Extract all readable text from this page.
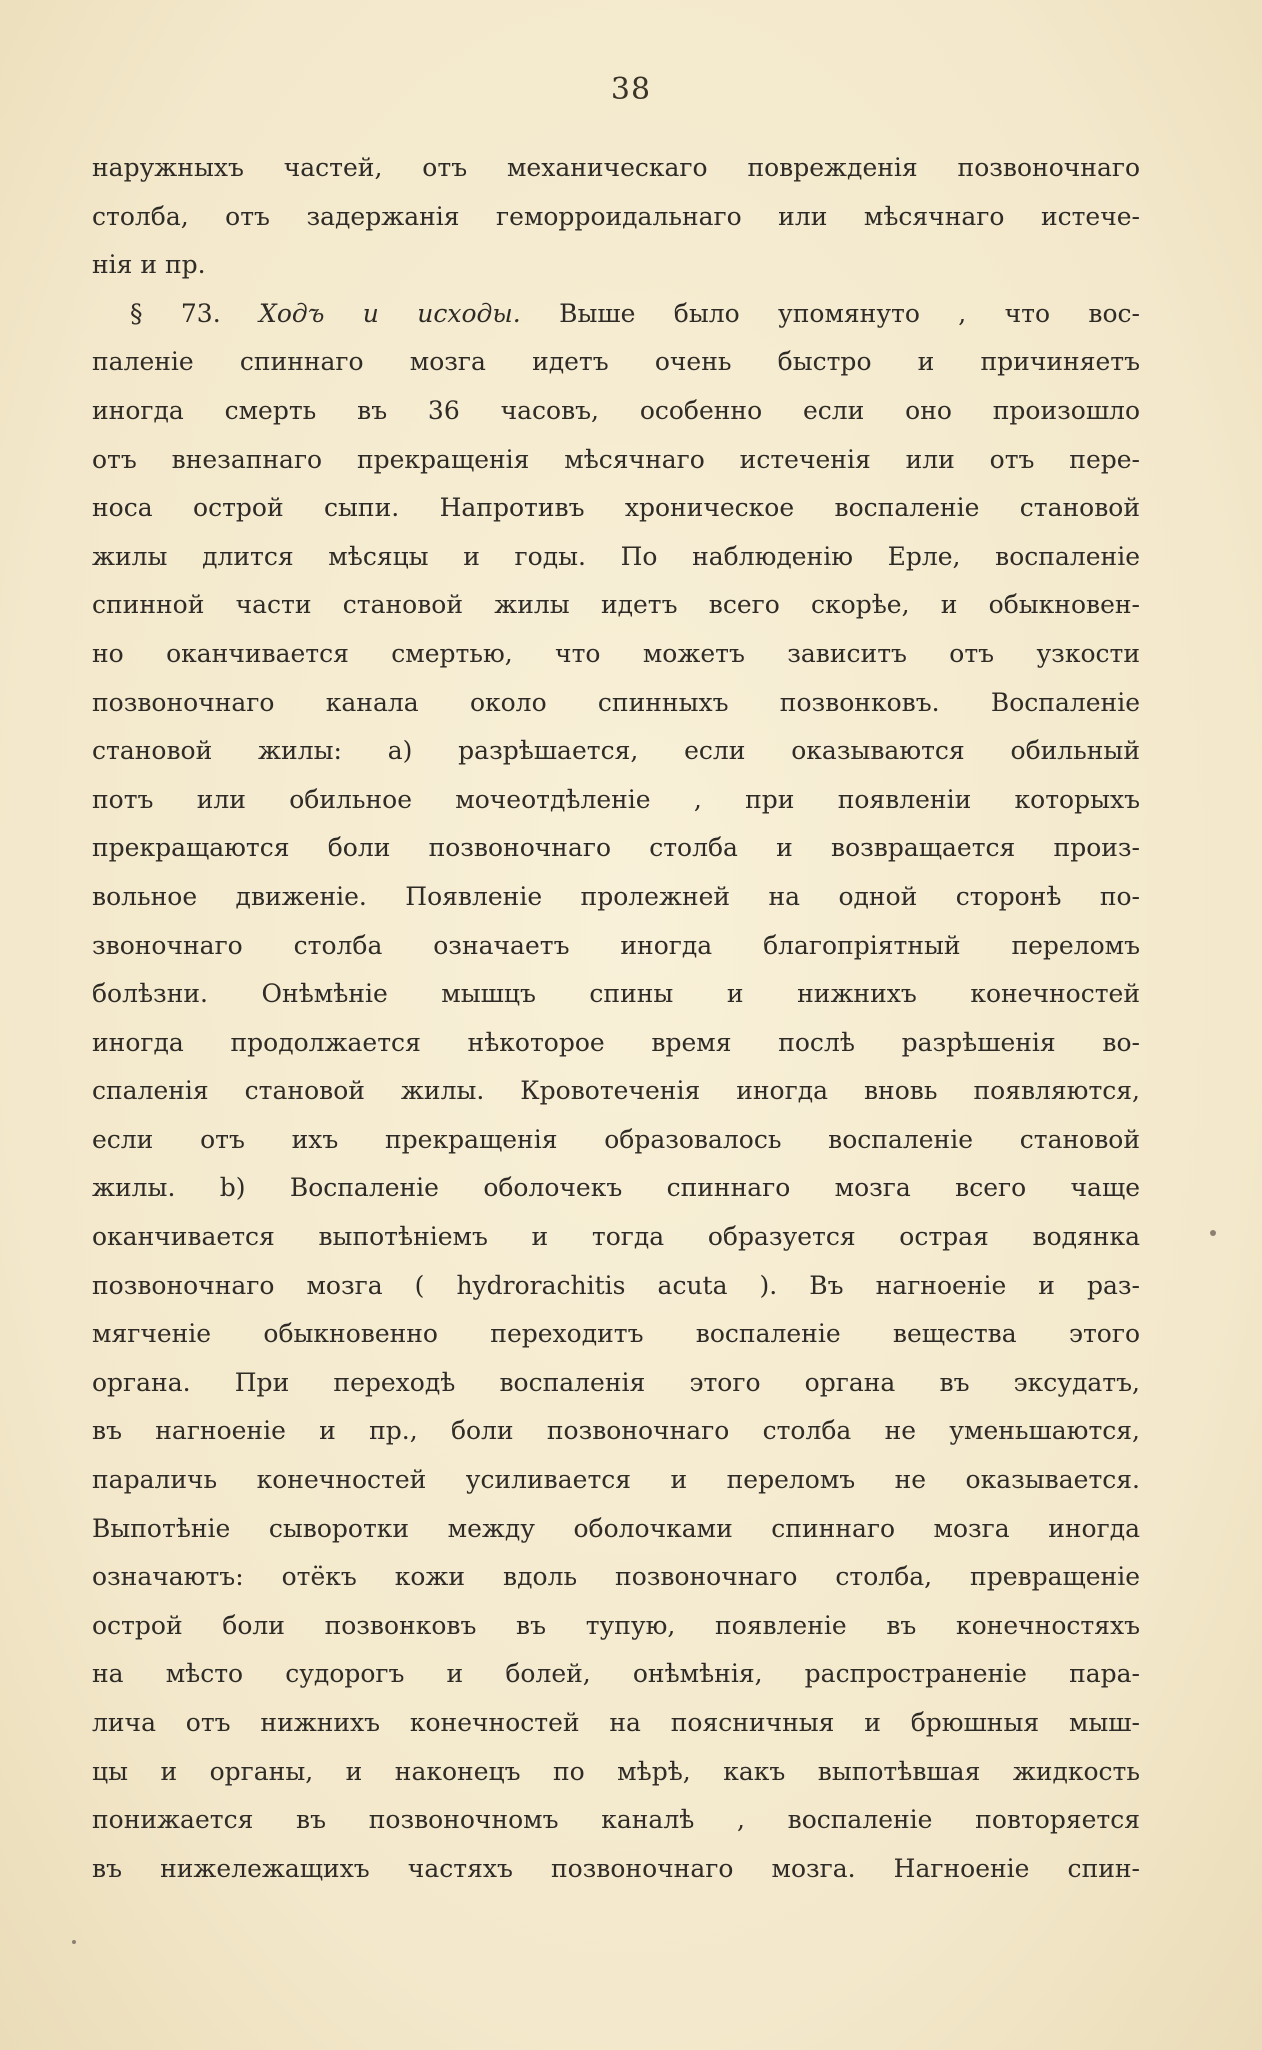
38
наружныхъ частей, отъ механическаго поврежденія позвоночнаго
столба, отъ задержанія геморроидальнаго или мѣсячнаго истече-
нія и пр.
§ 73. Ходъ и исходы. Выше было упомянуто , что вос-
паленіе спиннаго мозга идетъ очень быстро и причиняетъ
иногда смерть въ 36 часовъ, особенно если оно произошло
отъ внезапнаго прекращенія мѣсячнаго истеченія или отъ пере-
носа острой сыпи. Напротивъ хроническое воспаленіе становой
жилы длится мѣсяцы и годы. По наблюденію Ерле, воспаленіе
спинной части становой жилы идетъ всего скорѣе, и обыкновен-
но оканчивается смертью, что можетъ зависитъ отъ узкости
позвоночнаго канала около спинныхъ позвонковъ. Воспаленіе
становой жилы: а) разрѣшается, если оказываются обильный
потъ или обильное мочеотдѣленіе , при появленіи которыхъ
прекращаются боли позвоночнаго столба и возвращается произ-
вольное движеніе. Появленіе пролежней на одной сторонѣ по-
звоночнаго столба означаетъ иногда благопріятный переломъ
болѣзни. Онѣмѣніе мышцъ спины и нижнихъ конечностей
иногда продолжается нѣкоторое время послѣ разрѣшенія во-
спаленія становой жилы. Кровотеченія иногда вновь появляются,
если отъ ихъ прекращенія образовалось воспаленіе становой
жилы. b) Воспаленіе оболочекъ спиннаго мозга всего чаще
оканчивается выпотѣніемъ и тогда образуется острая водянка
позвоночнаго мозга ( hydrorachitis acuta ). Въ нагноеніе и раз-
мягченіе обыкновенно переходитъ воспаленіе вещества этого
органа. При переходѣ воспаленія этого органа въ эксудатъ,
въ нагноеніе и пр., боли позвоночнаго столба не уменьшаются,
параличь конечностей усиливается и переломъ не оказывается.
Выпотѣніе сыворотки между оболочками спиннаго мозга иногда
означаютъ: отёкъ кожи вдоль позвоночнаго столба, превращеніе
острой боли позвонковъ въ тупую, появленіе въ конечностяхъ
на мѣсто судорогъ и болей, онѣмѣнія, распространеніе пара-
лича отъ нижнихъ конечностей на поясничныя и брюшныя мыш-
цы и органы, и наконецъ по мѣрѣ, какъ выпотѣвшая жидкость
понижается въ позвоночномъ каналѣ , воспаленіе повторяется
въ нижележащихъ частяхъ позвоночнаго мозга. Нагноеніе спин-
